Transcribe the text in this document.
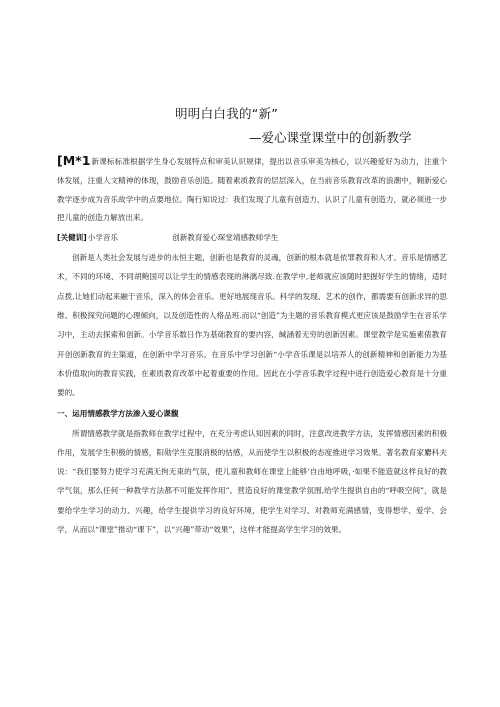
明明白白我的“新”
—爱心课堂课堂中的创新教学

[M*1新课标标准根据学生身心发展特点和审美认识规律，提出以音乐审美为核心，以兴趣爱好为动力，注重个体发展，注重人文精神的体现，鼓励音乐创造。随着素质教育的层层深入，在当前音乐教育改革的浪潮中，翱新爱心教学逐步成为音乐故学中的点要地位。陶行知说过：我们发现了儿童有创造力，认识了儿童有创造力，就必须进一步把儿童的创造力解放出来。

[关健训]小学音乐	创新教育爱心琛堂靖感教师学生

创新是人类社会发展与进步的永恒主题，创新也是教育的灵魂，创新的根本就是依罪教育和人才。音乐是情感艺术，不同的环境、不同胡鲍国可以让学生的情感表现的淋漓尽致.在教学中,老师就应该随时把握好学生的情绪，适时点拨,让她们动起来融于音乐，深入的体会音乐。更好地展现音乐。科学的发现、艺术的创作，都需要有创新求异的思维、积极探究问题的心理倾向，以及创造性的人格品班.而以“创造”为主题的音乐教育模式更应该是鼓励学生在音乐学习中，主动去探索和创新。小学音乐数日作为基础教育的要内容，缄涵着无穷的创新因素。课堂教学是实施素俵教育开创创新教育的主渠道，在创新中学习音乐，在音乐中学习创新“小学音乐课是以培养人的创新精神和创新能力为基本价值取向的教育实践，在素质教育改革中起着重要的作用。因此在小学音乐教学过程中进行创造爱心教育是十分重要的。

一、运用情感教学方法渗入爱心课馥

所谓情感教学就是指教师在教学过程中，在充分考虑认知因素的同时，注意改进教学方法，发挥情感因素的积极作用，发展学生积极的情感，阳勋学生克服消极的怙感，从而使学生以积极的态度推进学习效果。著名教育家麝科夫说：“我们要努力使学习充满无拘无束的气氛，使儿童和教师在课堂上能够‘自由地呼吸，·如果不能造就这样良好的教学气氛，那么任何一种教学方法都不可能发挥作用”。营造良好的课堂教学氛围,给学生提供自由的“呼吸空间”，就是要给学生学习的动力、兴趣，给学生提供学习的良好环境，使学生对学习、对教师充满感情，变得想学、爱学、会学，从而以“课堂”推动“课下”，以“兴趣”带动“效果”，这样才能提高学生学习的效果。
